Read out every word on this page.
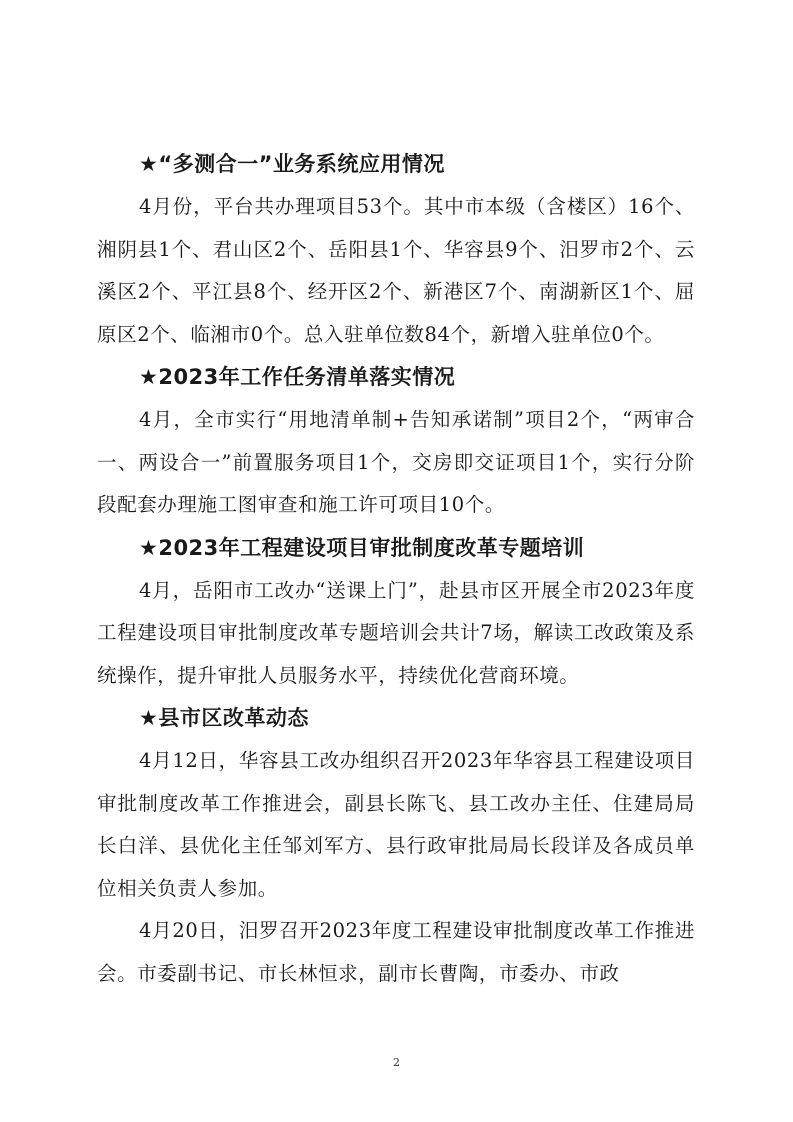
★“多测合一”业务系统应用情况

4月份，平台共办理项目53个。其中市本级（含楼区）16个、湘阴县1个、君山区2个、岳阳县1个、华容县9个、汨罗市2个、云溪区2个、平江县8个、经开区2个、新港区7个、南湖新区1个、屈原区2个、临湘市0个。总入驻单位数84个，新增入驻单位0个。

★2023年工作任务清单落实情况

4月，全市实行“用地清单制+告知承诺制”项目2个，“两审合一、两设合一”前置服务项目1个，交房即交证项目1个，实行分阶段配套办理施工图审查和施工许可项目10个。

★2023年工程建设项目审批制度改革专题培训

4月，岳阳市工改办“送课上门”，赴县市区开展全市2023年度工程建设项目审批制度改革专题培训会共计7场，解读工改政策及系统操作，提升审批人员服务水平，持续优化营商环境。

★县市区改革动态

4月12日，华容县工改办组织召开2023年华容县工程建设项目审批制度改革工作推进会，副县长陈飞、县工改办主任、住建局局长白洋、县优化主任邹刘军方、县行政审批局局长段详及各成员单位相关负责人参加。

4月20日，汨罗召开2023年度工程建设审批制度改革工作推进会。市委副书记、市长林恒求，副市长曹陶，市委办、市政

2
